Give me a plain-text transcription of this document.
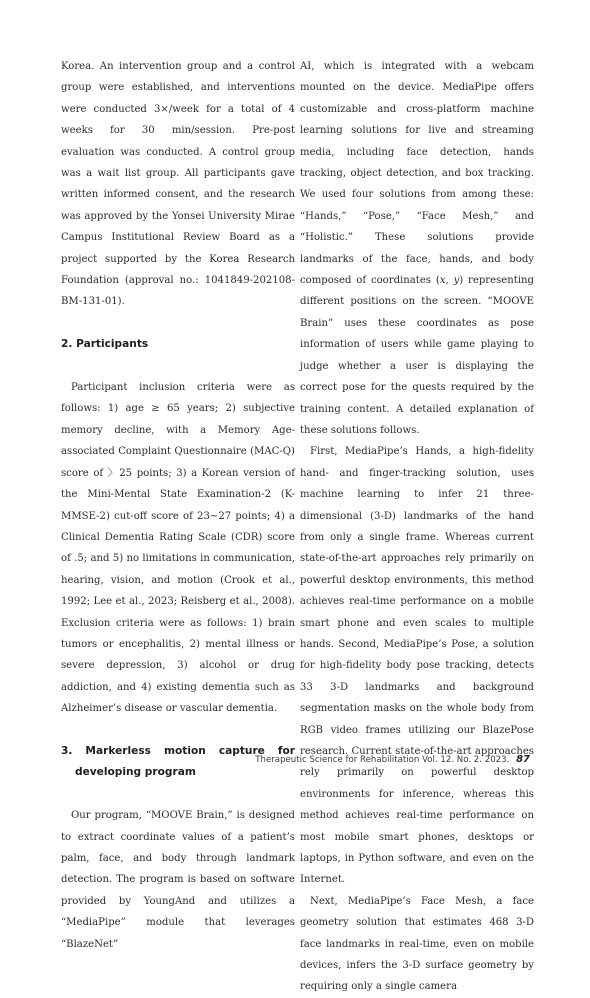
Korea. An intervention group and a control group were established, and interventions were conducted 3×/week for a total of 4 weeks for 30 min/session. Pre-post evaluation was conducted. A control group was a wait list group. All participants gave written informed consent, and the research was approved by the Yonsei University Mirae Campus Institutional Review Board as a project supported by the Korea Research Foundation (approval no.: 1041849-202108-BM-131-01).

2. Participants

Participant inclusion criteria were as follows: 1) age ≥ 65 years; 2) subjective memory decline, with a Memory Age-associated Complaint Questionnaire (MAC-Q) score of 〉25 points; 3) a Korean version of the Mini-Mental State Examination-2 (K-MMSE-2) cut-off score of 23~27 points; 4) a Clinical Dementia Rating Scale (CDR) score of .5; and 5) no limitations in communication, hearing, vision, and motion (Crook et al., 1992; Lee et al., 2023; Reisberg et al., 2008). Exclusion criteria were as follows: 1) brain tumors or encephalitis, 2) mental illness or severe depression, 3) alcohol or drug addiction, and 4) existing dementia such as Alzheimer’s disease or vascular dementia.

3. Markerless motion capture for developing program

Our program, “MOOVE Brain,” is designed to extract coordinate values of a patient’s palm, face, and body through landmark detection. The program is based on software provided by YoungAnd and utilizes a “MediaPipe” module that leverages “BlazeNet”

AI, which is integrated with a webcam mounted on the device. MediaPipe offers customizable and cross-platform machine learning solutions for live and streaming media, including face detection, hands tracking, object detection, and box tracking. We used four solutions from among these: “Hands,” “Pose,” “Face Mesh,” and “Holistic.” These solutions provide landmarks of the face, hands, and body composed of coordinates (x, y) representing different positions on the screen. “MOOVE Brain” uses these coordinates as pose information of users while game playing to judge whether a user is displaying the correct pose for the quests required by the training content. A detailed explanation of these solutions follows.

First, MediaPipe’s Hands, a high-fidelity hand- and finger-tracking solution, uses machine learning to infer 21 three-dimensional (3-D) landmarks of the hand from only a single frame. Whereas current state-of-the-art approaches rely primarily on powerful desktop environments, this method achieves real-time performance on a mobile smart phone and even scales to multiple hands. Second, MediaPipe’s Pose, a solution for high-fidelity body pose tracking, detects 33 3-D landmarks and background segmentation masks on the whole body from RGB video frames utilizing our BlazePose research. Current state-of-the-art approaches rely primarily on powerful desktop environments for inference, whereas this method achieves real-time performance on most mobile smart phones, desktops or laptops, in Python software, and even on the Internet.

Next, MediaPipe’s Face Mesh, a face geometry solution that estimates 468 3-D face landmarks in real-time, even on mobile devices, infers the 3-D surface geometry by requiring only a single camera

Therapeutic Science for Rehabilitation Vol. 12. No. 2. 2023. 87
